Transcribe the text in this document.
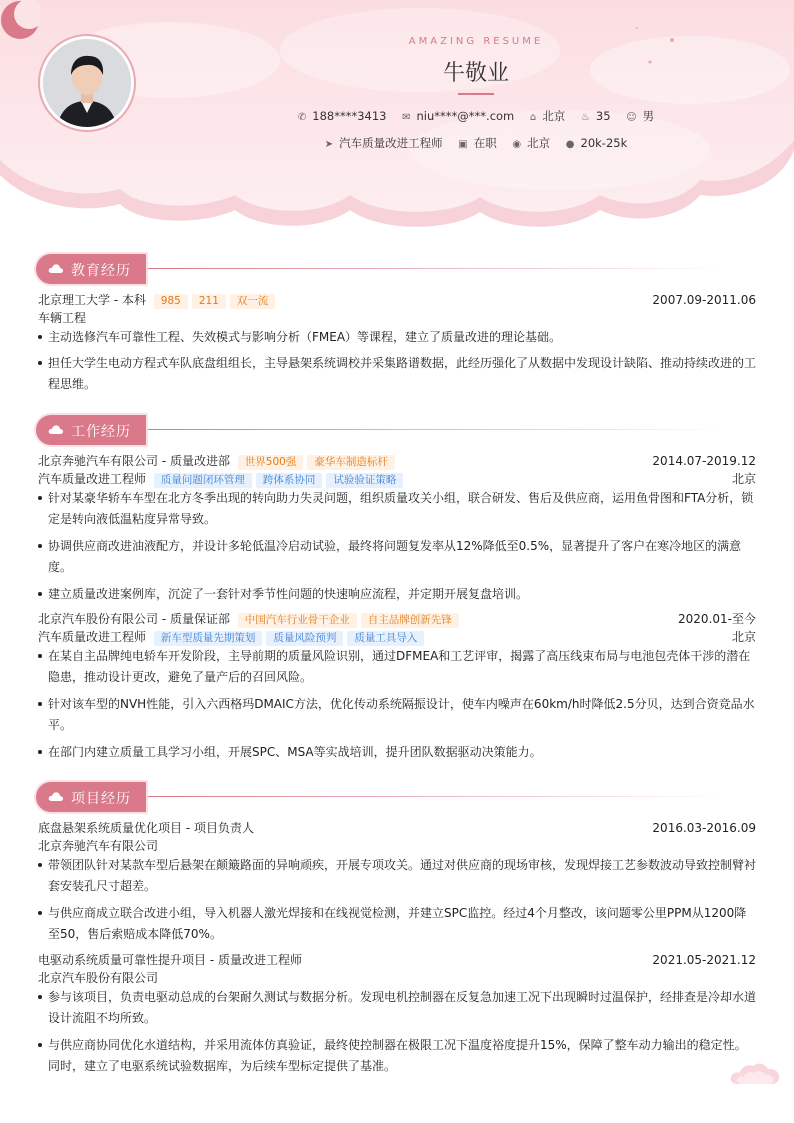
AMAZING RESUME
牛敬业
✆ 188****3413 ✉ niu****@***.com ⌂ 北京 ♨ 35 ☺ 男
➤ 汽车质量改进工程师 ▣ 在职 ◉ 北京 ● 20k-25k
教育经历
北京理工大学 - 本科 985 211 双一流	2007.09-2011.06
车辆工程
主动选修汽车可靠性工程、失效模式与影响分析（FMEA）等课程，建立了质量改进的理论基础。
担任大学生电动方程式车队底盘组组长，主导悬架系统调校并采集路谱数据，此经历强化了从数据中发现设计缺陷、推动持续改进的工程思维。
工作经历
北京奔驰汽车有限公司 - 质量改进部 世界500强 豪华车制造标杆	2014.07-2019.12
汽车质量改进工程师 质量问题闭环管理 跨体系协同 试验验证策略	北京
针对某豪华轿车车型在北方冬季出现的转向助力失灵问题，组织质量攻关小组，联合研发、售后及供应商，运用鱼骨图和FTA分析，锁定是转向液低温粘度异常导致。
协调供应商改进油液配方，并设计多轮低温冷启动试验，最终将问题复发率从12%降低至0.5%，显著提升了客户在寒冷地区的满意度。
建立质量改进案例库，沉淀了一套针对季节性问题的快速响应流程，并定期开展复盘培训。
北京汽车股份有限公司 - 质量保证部 中国汽车行业骨干企业 自主品牌创新先锋	2020.01-至今
汽车质量改进工程师 新车型质量先期策划 质量风险预判 质量工具导入	北京
在某自主品牌纯电轿车开发阶段，主导前期的质量风险识别，通过DFMEA和工艺评审，揭露了高压线束布局与电池包壳体干涉的潜在隐患，推动设计更改，避免了量产后的召回风险。
针对该车型的NVH性能，引入六西格玛DMAIC方法，优化传动系统隔振设计，使车内噪声在60km/h时降低2.5分贝，达到合资竞品水平。
在部门内建立质量工具学习小组，开展SPC、MSA等实战培训，提升团队数据驱动决策能力。
项目经历
底盘悬架系统质量优化项目 - 项目负责人	2016.03-2016.09
北京奔驰汽车有限公司
带领团队针对某款车型后悬架在颠簸路面的异响顽疾，开展专项攻关。通过对供应商的现场审核，发现焊接工艺参数波动导致控制臂衬套安装孔尺寸超差。
与供应商成立联合改进小组，导入机器人激光焊接和在线视觉检测，并建立SPC监控。经过4个月整改，该问题零公里PPM从1200降至50，售后索赔成本降低70%。
电驱动系统质量可靠性提升项目 - 质量改进工程师	2021.05-2021.12
北京汽车股份有限公司
参与该项目，负责电驱动总成的台架耐久测试与数据分析。发现电机控制器在反复急加速工况下出现瞬时过温保护，经排查是冷却水道设计流阻不均所致。
与供应商协同优化水道结构，并采用流体仿真验证，最终使控制器在极限工况下温度裕度提升15%，保障了整车动力输出的稳定性。同时，建立了电驱系统试验数据库，为后续车型标定提供了基准。
